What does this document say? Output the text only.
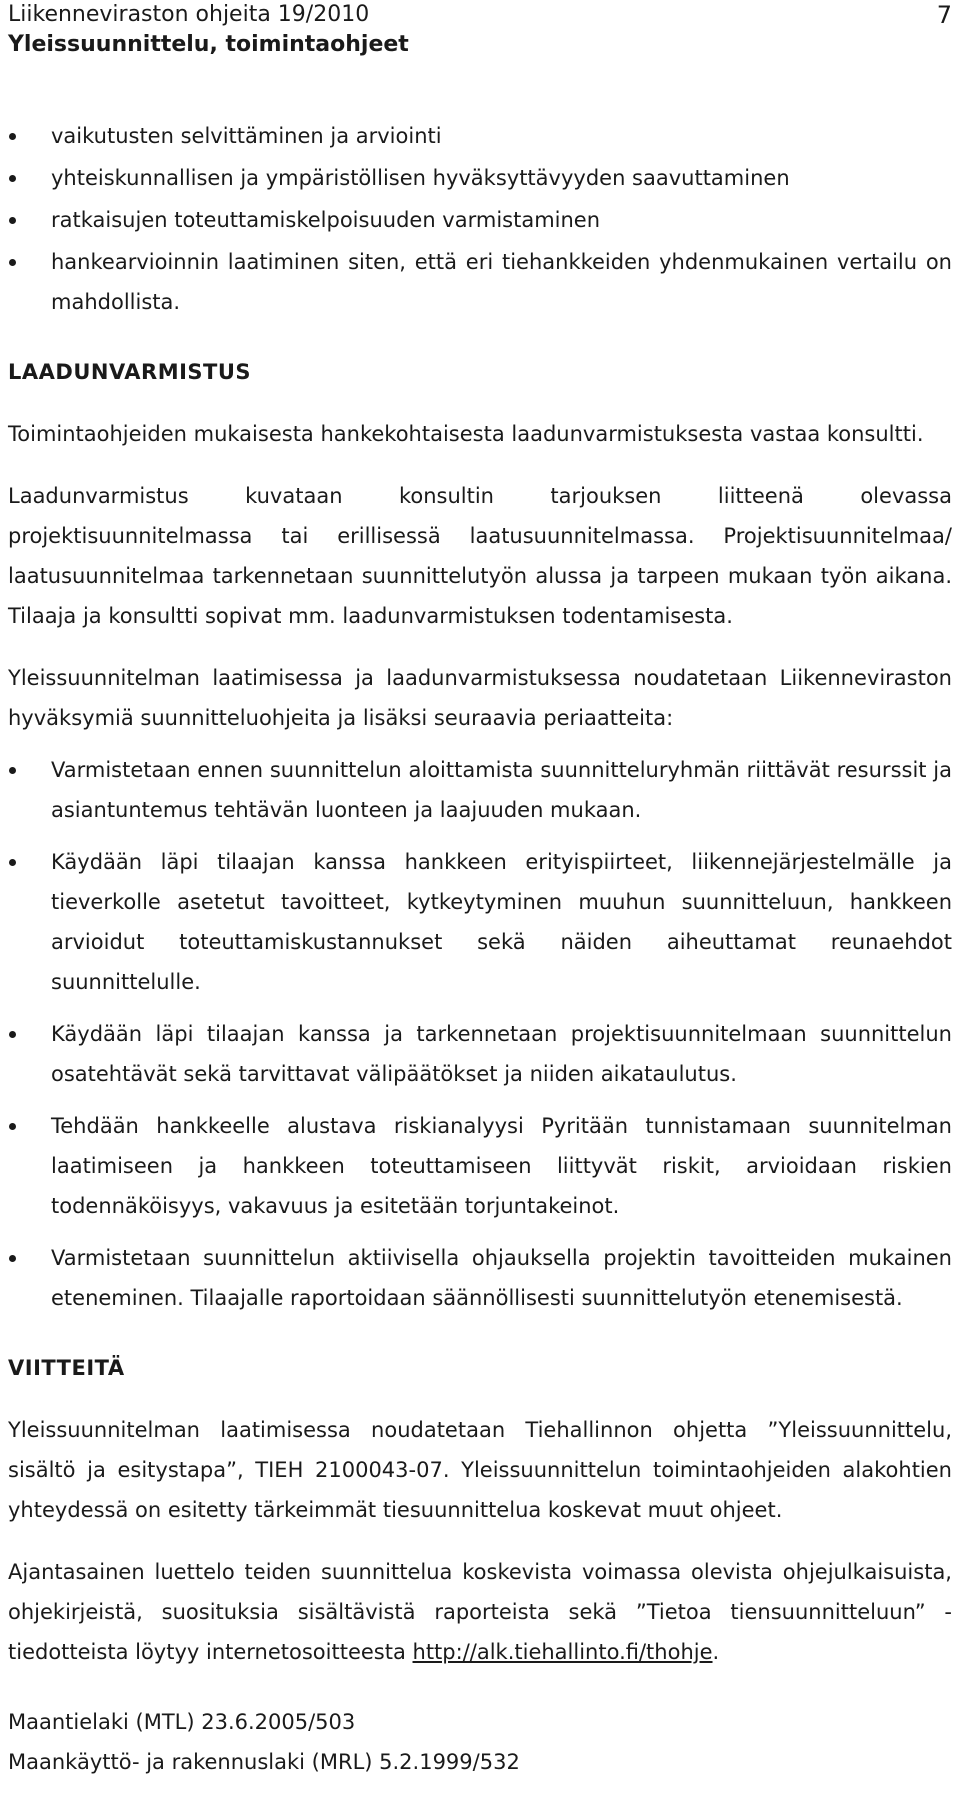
Liikenneviraston ohjeita 19/2010
Yleissuunnittelu, toimintaohjeet
7
vaikutusten selvittäminen ja arviointi
yhteiskunnallisen ja ympäristöllisen hyväksyttävyyden saavuttaminen
ratkaisujen toteuttamiskelpoisuuden varmistaminen
hankearvioinnin laatiminen siten, että eri tiehankkeiden yhdenmukainen vertailu on mahdollista.
LAADUNVARMISTUS

Toimintaohjeiden mukaisesta hankekohtaisesta laadunvarmistuksesta vastaa konsultti.

Laadunvarmistus kuvataan konsultin tarjouksen liitteenä olevassa projektisuunnitelmassa tai erillisessä laatusuunnitelmassa. Projektisuunnitelmaa/ laatusuunnitelmaa tarkennetaan suunnittelutyön alussa ja tarpeen mukaan työn aikana. Tilaaja ja konsultti sopivat mm. laadunvarmistuksen todentamisesta.

Yleissuunnitelman laatimisessa ja laadunvarmistuksessa noudatetaan Liikenneviraston hyväksymiä suunnitteluohjeita ja lisäksi seuraavia periaatteita:

Varmistetaan ennen suunnittelun aloittamista suunnitteluryhmän riittävät resurssit ja asiantuntemus tehtävän luonteen ja laajuuden mukaan.
Käydään läpi tilaajan kanssa hankkeen erityispiirteet, liikennejärjestelmälle ja tieverkolle asetetut tavoitteet, kytkeytyminen muuhun suunnitteluun, hankkeen arvioidut toteuttamiskustannukset sekä näiden aiheuttamat reunaehdot suunnittelulle.
Käydään läpi tilaajan kanssa ja tarkennetaan projektisuunnitelmaan suunnittelun osatehtävät sekä tarvittavat välipäätökset ja niiden aikataulutus.
Tehdään hankkeelle alustava riskianalyysi Pyritään tunnistamaan suunnitelman laatimiseen ja hankkeen toteuttamiseen liittyvät riskit, arvioidaan riskien todennäköisyys, vakavuus ja esitetään torjuntakeinot.
Varmistetaan suunnittelun aktiivisella ohjauksella projektin tavoitteiden mukainen eteneminen. Tilaajalle raportoidaan säännöllisesti suunnittelutyön etenemisestä.
VIITTEITÄ

Yleissuunnitelman laatimisessa noudatetaan Tiehallinnon ohjetta ”Yleissuunnittelu, sisältö ja esitystapa”, TIEH 2100043-07. Yleissuunnittelun toimintaohjeiden alakohtien yhteydessä on esitetty tärkeimmät tiesuunnittelua koskevat muut ohjeet.

Ajantasainen luettelo teiden suunnittelua koskevista voimassa olevista ohjejulkaisuista, ohjekirjeistä, suosituksia sisältävistä raporteista sekä ”Tietoa tiensuunnitteluun” -tiedotteista löytyy internetosoitteesta http://alk.tiehallinto.fi/thohje.

Maantielaki (MTL) 23.6.2005/503

Maankäyttö- ja rakennuslaki (MRL) 5.2.1999/532
